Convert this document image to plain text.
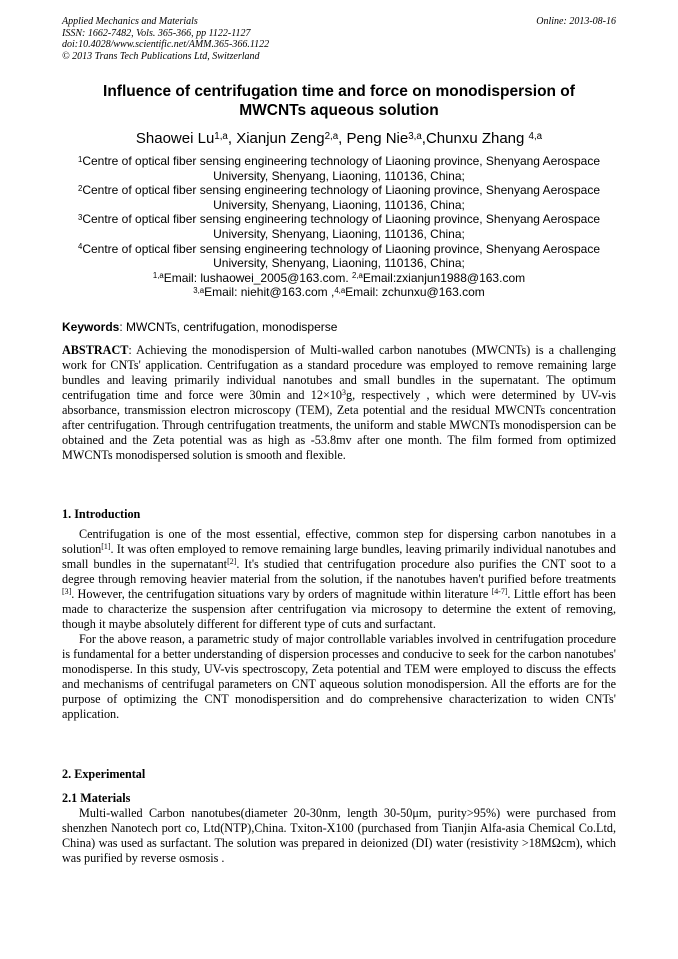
Applied Mechanics and Materials
ISSN: 1662-7482, Vols. 365-366, pp 1122-1127
doi:10.4028/www.scientific.net/AMM.365-366.1122
© 2013 Trans Tech Publications Ltd, Switzerland
Online: 2013-08-16
Influence of centrifugation time and force on monodispersion of
MWCNTs aqueous solution
Shaowei Lu$^{1,a}$, Xianjun Zeng$^{2,a}$, Peng Nie$^{3,a}$,Chunxu Zhang $^{4,a}$
$^1$Centre of optical fiber sensing engineering technology of Liaoning province, Shenyang Aerospace
University, Shenyang, Liaoning, 110136, China;
$^2$Centre of optical fiber sensing engineering technology of Liaoning province, Shenyang Aerospace
University, Shenyang, Liaoning, 110136, China;
$^3$Centre of optical fiber sensing engineering technology of Liaoning province, Shenyang Aerospace
University, Shenyang, Liaoning, 110136, China;
$^4$Centre of optical fiber sensing engineering technology of Liaoning province, Shenyang Aerospace
University, Shenyang, Liaoning, 110136, China;
$^{1,a}$Email: lushaowei_2005@163.com. $^{2,a}$Email:zxianjun1988@163.com
$^{3,a}$Email: niehit@163.com ,$^{4,a}$Email: zchunxu@163.com
Keywords: MWCNTs, centrifugation, monodisperse
ABSTRACT: Achieving the monodispersion of Multi-walled carbon nanotubes (MWCNTs) is a challenging work for CNTs' application. Centrifugation as a standard procedure was employed to remove remaining large bundles and leaving primarily individual nanotubes and small bundles in the supernatant. The optimum centrifugation time and force were 30min and $12\times 10^3g$, respectively , which were determined by UV-vis absorbance, transmission electron microscopy (TEM), Zeta potential and the residual MWCNTs concentration after centrifugation. Through centrifugation treatments, the uniform and stable MWCNTs monodispersion can be obtained and the Zeta potential was as high as -53.8mv after one month. The film formed from optimized MWCNTs monodispersed solution is smooth and flexible.
1. Introduction

Centrifugation is one of the most essential, effective, common step for dispersing carbon nanotubes in a solution[1]. It was often employed to remove remaining large bundles, leaving primarily individual nanotubes and small bundles in the supernatant[2]. It's studied that centrifugation procedure also purifies the CNT soot to a degree through removing heavier material from the solution, if the nanotubes haven't purified before treatments [3]. However, the centrifugation situations vary by orders of magnitude within literature [4-7]. Little effort has been made to characterize the suspension after centrifugation via microsopy to determine the extent of removing, though it maybe absolutely different for different type of cuts and surfactant.

For the above reason, a parametric study of major controllable variables involved in centrifugation procedure is fundamental for a better understanding of dispersion processes and conducive to seek for the carbon nanotubes' monodisperse. In this study, UV-vis spectroscopy, Zeta potential and TEM were employed to discuss the effects and mechanisms of centrifugal parameters on CNT aqueous solution monodispersion. All the efforts are for the purpose of optimizing the CNT monodispersition and do comprehensive characterization to widen CNTs' application.

2. Experimental
2.1 Materials

Multi-walled Carbon nanotubes(diameter 20-30nm, length 30-50μm, purity>95%) were purchased from shenzhen Nanotech port co, Ltd(NTP),China. Txiton-X100 (purchased from Tianjin Alfa-asia Chemical Co.Ltd, China) was used as surfactant. The solution was prepared in deionized (DI) water (resistivity >18MΩcm), which was purified by reverse osmosis .
